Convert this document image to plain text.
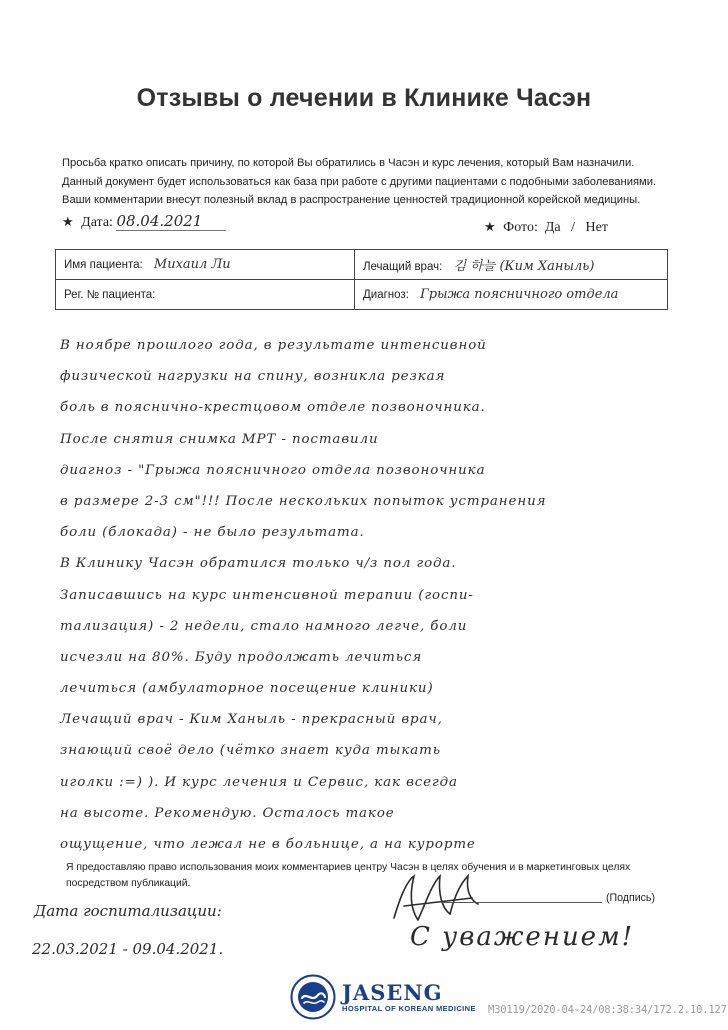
Отзывы о лечении в Клинике Часэн
Просьба кратко описать причину, по которой Вы обратились в Часэн и курс лечения, который Вам назначили.
Данный документ будет использоваться как база при работе с другими пациентами с подобными заболеваниями.
Ваши комментарии внесут полезный вклад в распространение ценностей традиционной корейской медицины.
★ Дата: 08.04.2021	★ Фото: Да / Нет
Имя пациента: Михаил Ли	Лечащий врач: 김 하늘 (Ким Ханыль)
Рег. № пациента:	Диагноз: Грыжа поясничного отдела
В ноябре прошлого года, в результате интенсивной
физической нагрузки на спину, возникла резкая
боль в пояснично-крестцовом отделе позвоночника.
После снятия снимка МРТ - поставили
диагноз - "Грыжа поясничного отдела позвоночника
в размере 2-3 см"!!! После нескольких попыток устранения
боли (блокада) - не было результата.
В Клинику Часэн обратился только ч/з пол года.
Записавшись на курс интенсивной терапии (госпи-
тализация) - 2 недели, стало намного легче, боли
исчезли на 80%. Буду продолжать лечиться
лечиться (амбулаторное посещение клиники)
Лечащий врач - Ким Ханыль - прекрасный врач,
знающий своё дело (чётко знает куда тыкать
иголки :=) ). И курс лечения и Сервис, как всегда
на высоте. Рекомендую. Осталось такое
ощущение, что лежал не в больнице, а на курорте
Я предоставляю право использования моих комментариев центру Часэн в целях обучения и в маркетинговых целях посредством публикаций.
(Подпись)
Дата госпитализации:
22.03.2021 - 09.04.2021.	С уважением!
JASENG
HOSPITAL OF KOREAN MEDICINE M30119/2020-04-24/08:38:34/172.2.10.127
